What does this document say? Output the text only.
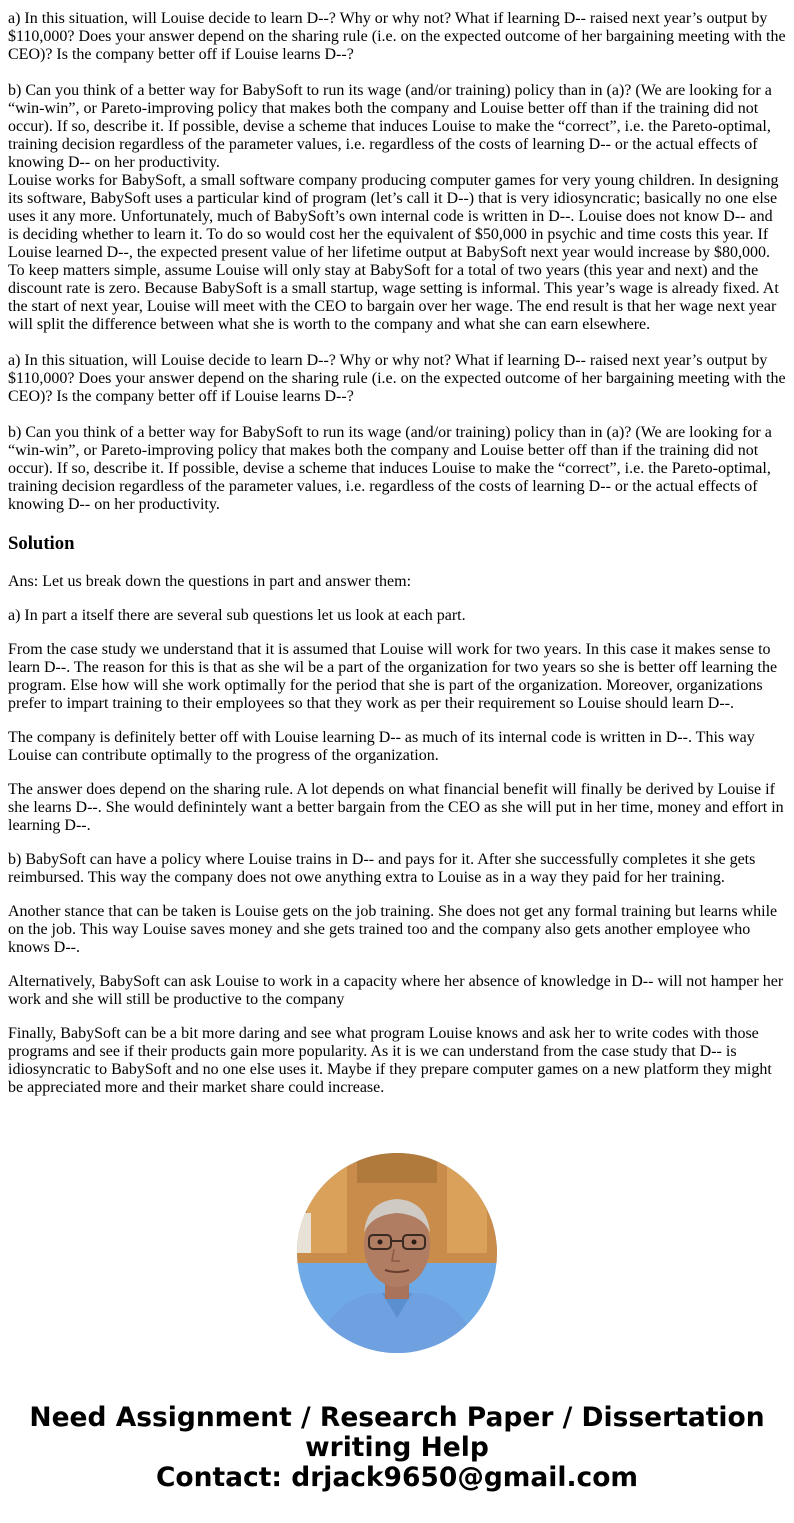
a) In this situation, will Louise decide to learn D--? Why or why not? What if learning D-- raised next year’s output by $110,000? Does your answer depend on the sharing rule (i.e. on the expected outcome of her bargaining meeting with the CEO)? Is the company better off if Louise learns D--?

b) Can you think of a better way for BabySoft to run its wage (and/or training) policy than in (a)? (We are looking for a “win-win”, or Pareto-improving policy that makes both the company and Louise better off than if the training did not occur). If so, describe it. If possible, devise a scheme that induces Louise to make the “correct”, i.e. the Pareto-optimal, training decision regardless of the parameter values, i.e. regardless of the costs of learning D-- or the actual effects of knowing D-- on her productivity.

Louise works for BabySoft, a small software company producing computer games for very young children. In designing its software, BabySoft uses a particular kind of program (let’s call it D--) that is very idiosyncratic; basically no one else uses it any more. Unfortunately, much of BabySoft’s own internal code is written in D--. Louise does not know D-- and is deciding whether to learn it. To do so would cost her the equivalent of $50,000 in psychic and time costs this year. If Louise learned D--, the expected present value of her lifetime output at BabySoft next year would increase by $80,000. To keep matters simple, assume Louise will only stay at BabySoft for a total of two years (this year and next) and the discount rate is zero. Because BabySoft is a small startup, wage setting is informal. This year’s wage is already fixed. At the start of next year, Louise will meet with the CEO to bargain over her wage. The end result is that her wage next year will split the difference between what she is worth to the company and what she can earn elsewhere.

a) In this situation, will Louise decide to learn D--? Why or why not? What if learning D-- raised next year’s output by $110,000? Does your answer depend on the sharing rule (i.e. on the expected outcome of her bargaining meeting with the CEO)? Is the company better off if Louise learns D--?

b) Can you think of a better way for BabySoft to run its wage (and/or training) policy than in (a)? (We are looking for a “win-win”, or Pareto-improving policy that makes both the company and Louise better off than if the training did not occur). If so, describe it. If possible, devise a scheme that induces Louise to make the “correct”, i.e. the Pareto-optimal, training decision regardless of the parameter values, i.e. regardless of the costs of learning D-- or the actual effects of knowing D-- on her productivity.

Solution

Ans: Let us break down the questions in part and answer them:

a) In part a itself there are several sub questions let us look at each part.

From the case study we understand that it is assumed that Louise will work for two years. In this case it makes sense to learn D--. The reason for this is that as she wil be a part of the organization for two years so she is better off learning the program. Else how will she work optimally for the period that she is part of the organization. Moreover, organizations prefer to impart training to their employees so that they work as per their requirement so Louise should learn D--.

The company is definitely better off with Louise learning D-- as much of its internal code is written in D--. This way Louise can contribute optimally to the progress of the organization.

The answer does depend on the sharing rule. A lot depends on what financial benefit will finally be derived by Louise if she learns D--. She would definintely want a better bargain from the CEO as she will put in her time, money and effort in learning D--.

b) BabySoft can have a policy where Louise trains in D-- and pays for it. After she successfully completes it she gets reimbursed. This way the company does not owe anything extra to Louise as in a way they paid for her training.

Another stance that can be taken is Louise gets on the job training. She does not get any formal training but learns while on the job. This way Louise saves money and she gets trained too and the company also gets another employee who knows D--.

Alternatively, BabySoft can ask Louise to work in a capacity where her absence of knowledge in D-- will not hamper her work and she will still be productive to the company

Finally, BabySoft can be a bit more daring and see what program Louise knows and ask her to write codes with those programs and see if their products gain more popularity. As it is we can understand from the case study that D-- is idiosyncratic to BabySoft and no one else uses it. Maybe if they prepare computer games on a new platform they might be appreciated more and their market share could increase.

Need Assignment / Research Paper / Dissertation
writing Help
Contact: drjack9650@gmail.com
